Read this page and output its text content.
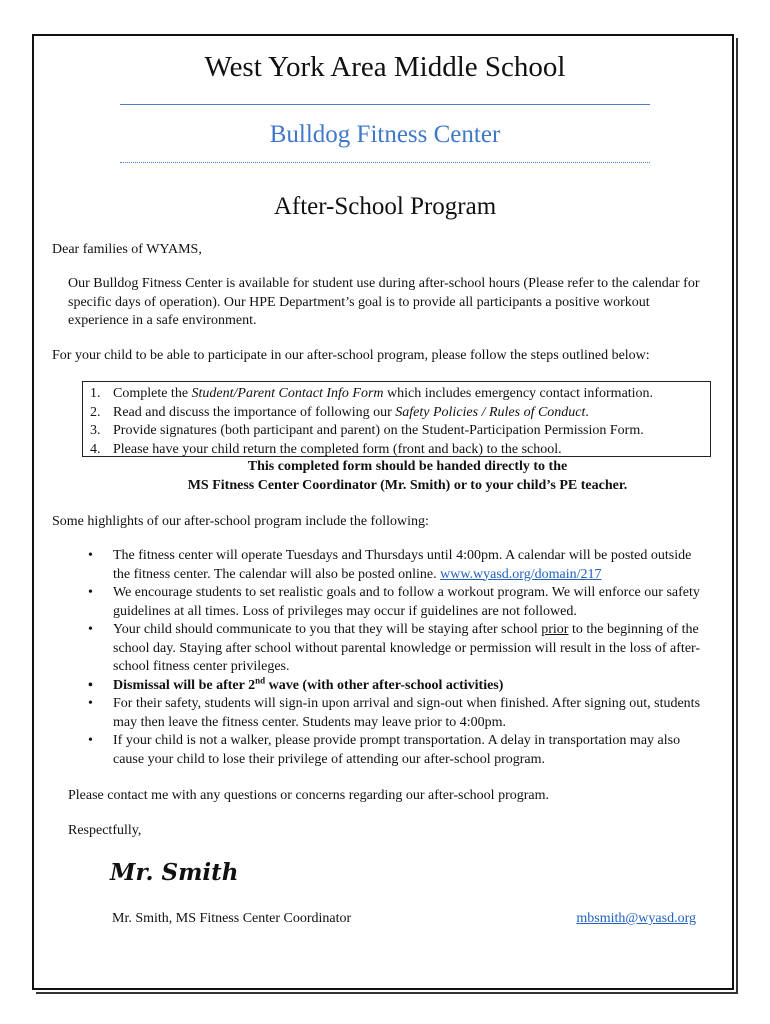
West York Area Middle School
Bulldog Fitness Center
After-School Program
Dear families of WYAMS,
Our Bulldog Fitness Center is available for student use during after-school hours (Please refer to the calendar for specific days of operation). Our HPE Department’s goal is to provide all participants a positive workout experience in a safe environment.
For your child to be able to participate in our after-school program, please follow the steps outlined below:
1. Complete the Student/Parent Contact Info Form which includes emergency contact information.
2. Read and discuss the importance of following our Safety Policies / Rules of Conduct.
3. Provide signatures (both participant and parent) on the Student-Participation Permission Form.
4. Please have your child return the completed form (front and back) to the school.
This completed form should be handed directly to the
MS Fitness Center Coordinator (Mr. Smith) or to your child’s PE teacher.
Some highlights of our after-school program include the following:
•	The fitness center will operate Tuesdays and Thursdays until 4:00pm. A calendar will be posted outside the fitness center. The calendar will also be posted online. www.wyasd.org/domain/217
•	We encourage students to set realistic goals and to follow a workout program. We will enforce our safety guidelines at all times. Loss of privileges may occur if guidelines are not followed.
•	Your child should communicate to you that they will be staying after school prior to the beginning of the school day. Staying after school without parental knowledge or permission will result in the loss of after-school fitness center privileges.
•	Dismissal will be after 2nd wave (with other after-school activities)
•	For their safety, students will sign-in upon arrival and sign-out when finished. After signing out, students may then leave the fitness center. Students may leave prior to 4:00pm.
•	If your child is not a walker, please provide prompt transportation. A delay in transportation may also cause your child to lose their privilege of attending our after-school program.
Please contact me with any questions or concerns regarding our after-school program.
Respectfully,
Mr. Smith
Mr. Smith, MS Fitness Center Coordinator	mbsmith@wyasd.org
